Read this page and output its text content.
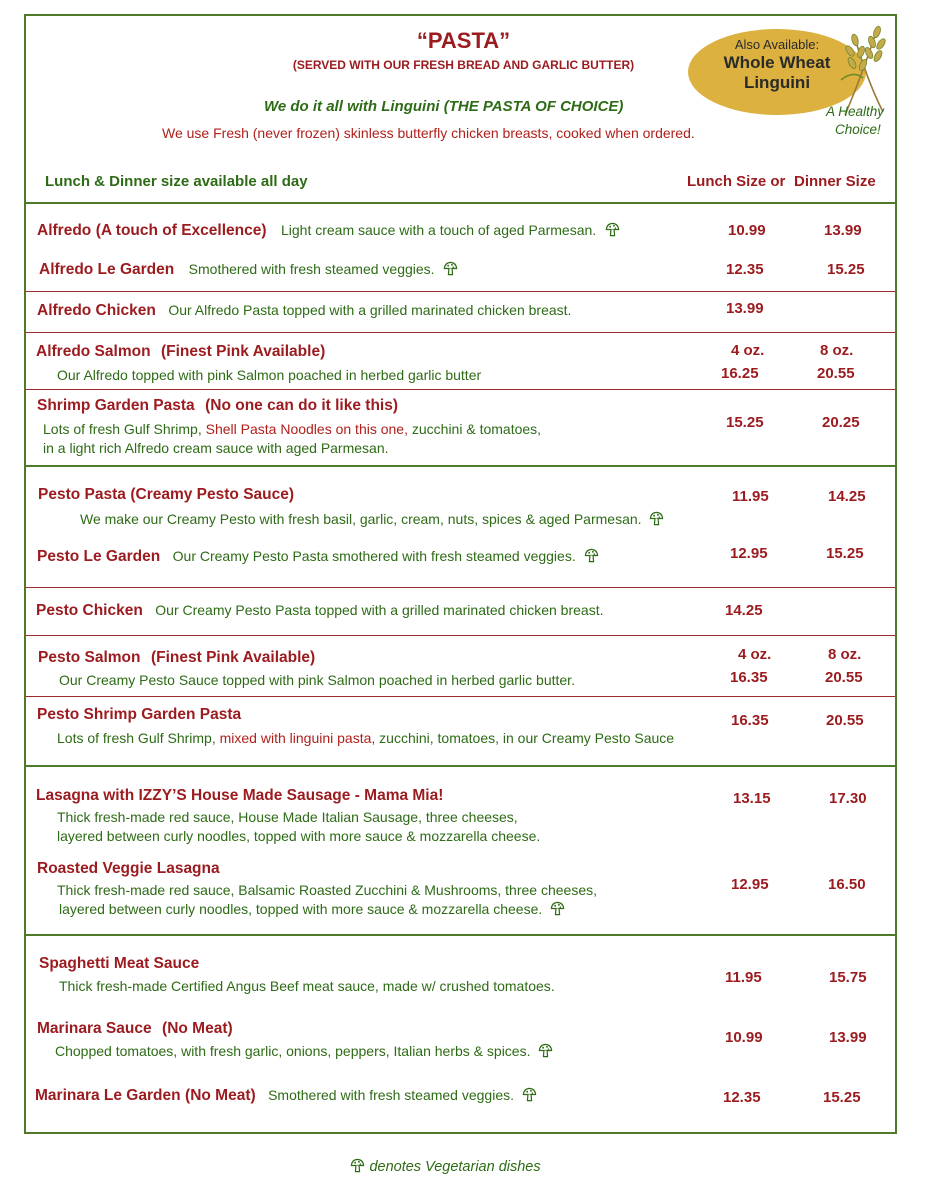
“PASTA”
(SERVED WITH OUR FRESH BREAD AND GARLIC BUTTER)
We do it all with Linguini (THE PASTA OF CHOICE)
We use Fresh (never frozen) skinless butterfly chicken breasts, cooked when ordered.
Also Available:
Whole Wheat
Linguini
A Healthy
Choice!
Lunch & Dinner size available all day	Lunch Size or Dinner Size
Alfredo (A touch of Excellence) Light cream sauce with a touch of aged Parmesan.	10.99	13.99
Alfredo Le Garden Smothered with fresh steamed veggies.	12.35	15.25
Alfredo Chicken Our Alfredo Pasta topped with a grilled marinated chicken breast.	13.99
Alfredo Salmon (Finest Pink Available)
Our Alfredo topped with pink Salmon poached in herbed garlic butter
4 oz.	8 oz.
16.25	20.55
Shrimp Garden Pasta (No one can do it like this)
Lots of fresh Gulf Shrimp, Shell Pasta Noodles on this one, zucchini & tomatoes,
in a light rich Alfredo cream sauce with aged Parmesan.
15.25	20.25
Pesto Pasta (Creamy Pesto Sauce)
We make our Creamy Pesto with fresh basil, garlic, cream, nuts, spices & aged Parmesan.
11.95	14.25
Pesto Le Garden Our Creamy Pesto Pasta smothered with fresh steamed veggies.	12.95	15.25
Pesto Chicken Our Creamy Pesto Pasta topped with a grilled marinated chicken breast.	14.25
Pesto Salmon (Finest Pink Available)
Our Creamy Pesto Sauce topped with pink Salmon poached in herbed garlic butter.
4 oz.	8 oz.
16.35	20.55
Pesto Shrimp Garden Pasta
Lots of fresh Gulf Shrimp, mixed with linguini pasta, zucchini, tomatoes, in our Creamy Pesto Sauce
16.35	20.55
Lasagna with IZZY’S House Made Sausage - Mama Mia!
Thick fresh-made red sauce, House Made Italian Sausage, three cheeses,
layered between curly noodles, topped with more sauce & mozzarella cheese.
13.15	17.30
Roasted Veggie Lasagna
Thick fresh-made red sauce, Balsamic Roasted Zucchini & Mushrooms, three cheeses,
layered between curly noodles, topped with more sauce & mozzarella cheese.
12.95	16.50
Spaghetti Meat Sauce
Thick fresh-made Certified Angus Beef meat sauce, made w/ crushed tomatoes.	11.95	15.75
Marinara Sauce (No Meat)
Chopped tomatoes, with fresh garlic, onions, peppers, Italian herbs & spices.
10.99	13.99
Marinara Le Garden (No Meat) Smothered with fresh steamed veggies.	12.35	15.25
denotes Vegetarian dishes
